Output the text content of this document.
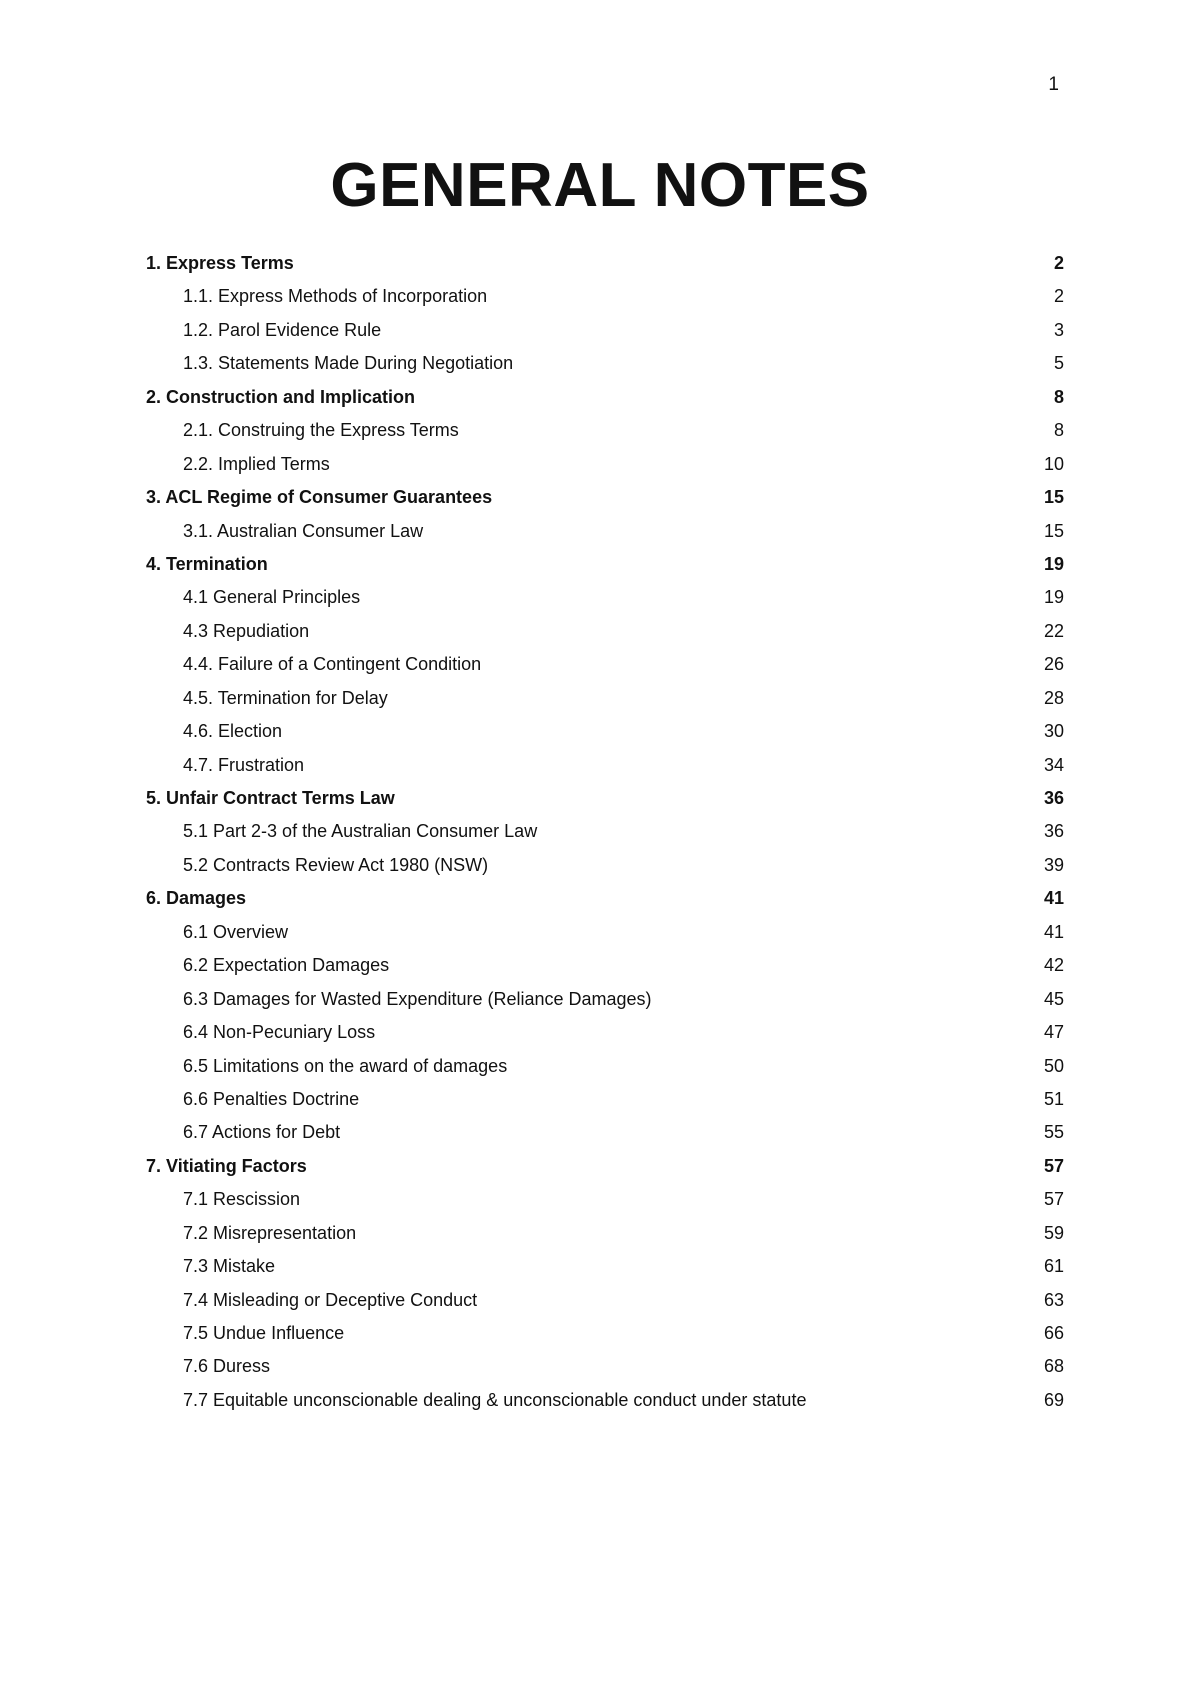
1
GENERAL NOTES
1. Express Terms	2
1.1. Express Methods of Incorporation	2
1.2. Parol Evidence Rule	3
1.3. Statements Made During Negotiation	5
2. Construction and Implication	8
2.1. Construing the Express Terms	8
2.2. Implied Terms	10
3. ACL Regime of Consumer Guarantees	15
3.1. Australian Consumer Law	15
4. Termination	19
4.1 General Principles	19
4.3 Repudiation	22
4.4. Failure of a Contingent Condition	26
4.5. Termination for Delay	28
4.6. Election	30
4.7. Frustration	34
5. Unfair Contract Terms Law	36
5.1 Part 2-3 of the Australian Consumer Law	36
5.2 Contracts Review Act 1980 (NSW)	39
6. Damages	41
6.1 Overview	41
6.2 Expectation Damages	42
6.3 Damages for Wasted Expenditure (Reliance Damages)	45
6.4 Non-Pecuniary Loss	47
6.5 Limitations on the award of damages	50
6.6 Penalties Doctrine	51
6.7 Actions for Debt	55
7. Vitiating Factors	57
7.1 Rescission	57
7.2 Misrepresentation	59
7.3 Mistake	61
7.4 Misleading or Deceptive Conduct	63
7.5 Undue Influence	66
7.6 Duress	68
7.7 Equitable unconscionable dealing & unconscionable conduct under statute	69
